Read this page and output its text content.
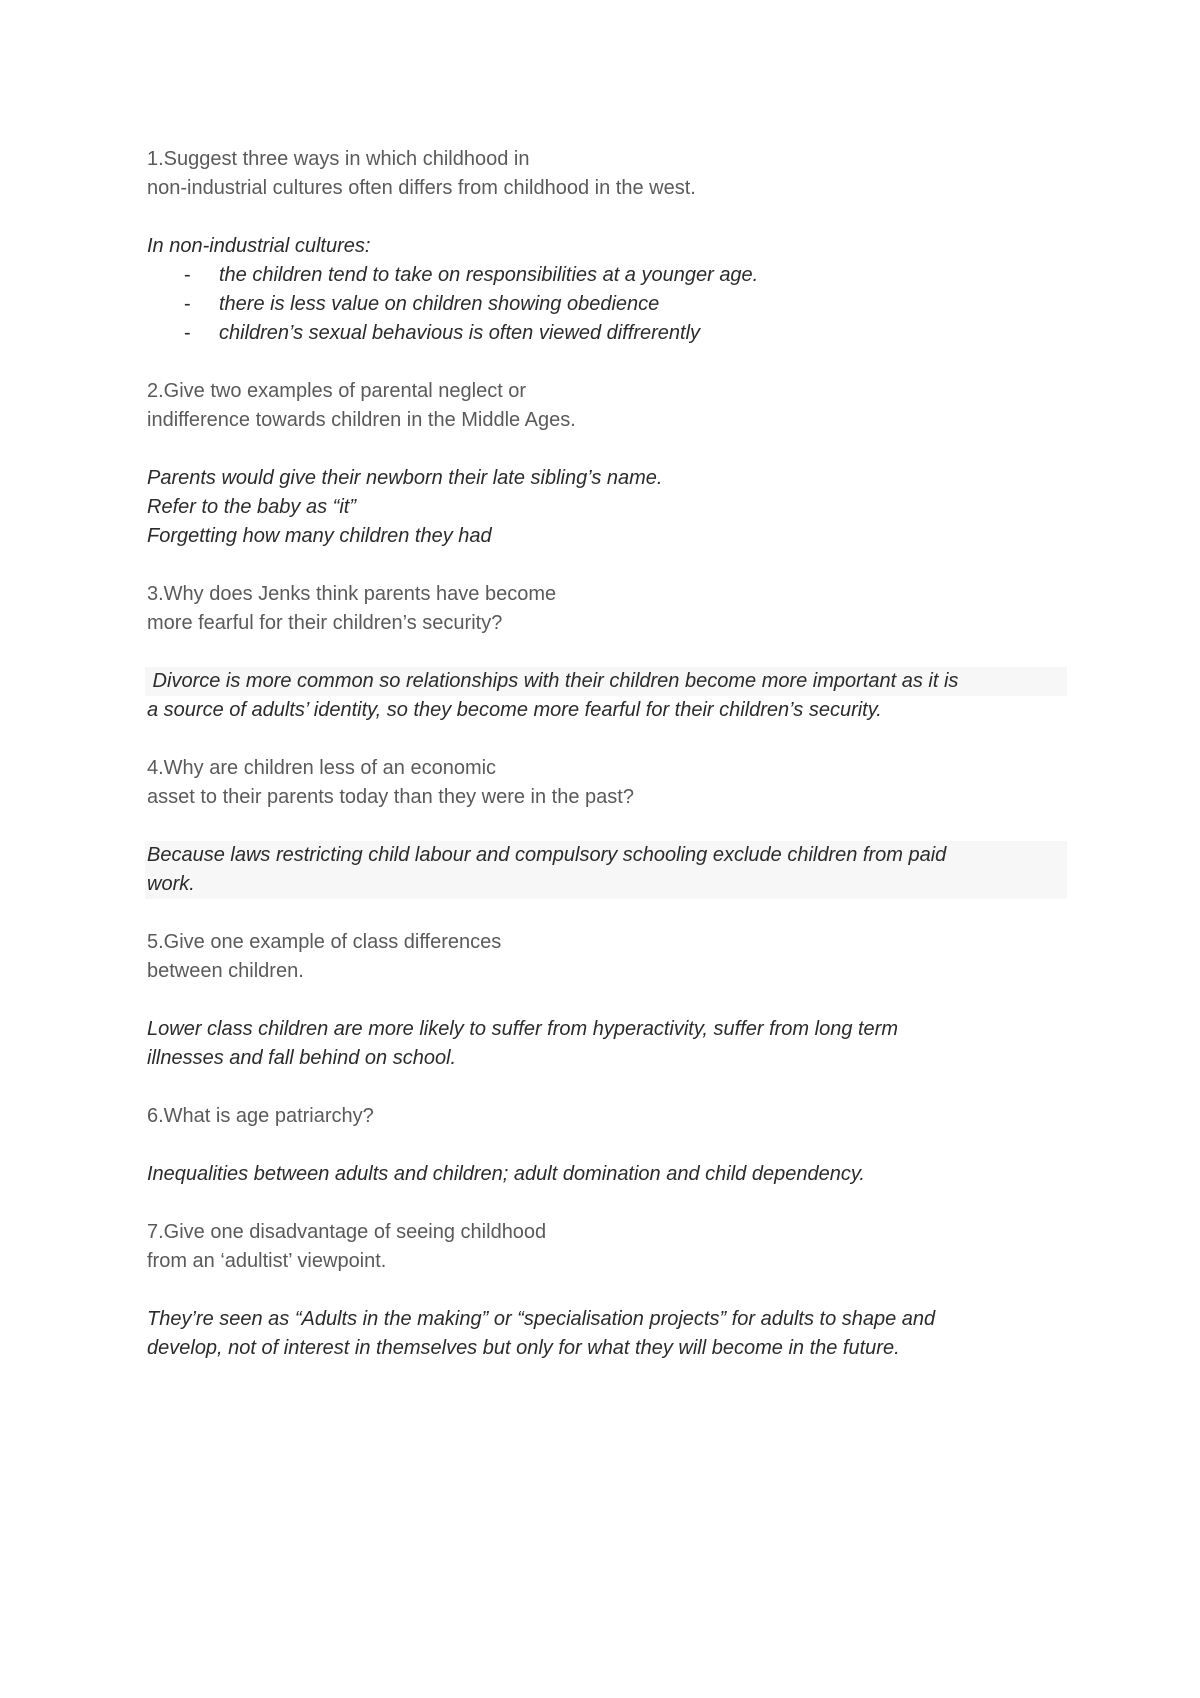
1.Suggest three ways in which childhood in
non-industrial cultures often differs from childhood in the west.
In non-industrial cultures:
-	the children tend to take on responsibilities at a younger age.
-	there is less value on children showing obedience
-	children’s sexual behavious is often viewed diffrerently
2.Give two examples of parental neglect or
indifference towards children in the Middle Ages.
Parents would give their newborn their late sibling’s name.
Refer to the baby as “it”
Forgetting how many children they had
3.Why does Jenks think parents have become
more fearful for their children’s security?
Divorce is more common so relationships with their children become more important as it is
a source of adults’ identity, so they become more fearful for their children’s security.
4.Why are children less of an economic
asset to their parents today than they were in the past?
Because laws restricting child labour and compulsory schooling exclude children from paid
work.
5.Give one example of class differences
between children.
Lower class children are more likely to suffer from hyperactivity, suffer from long term
illnesses and fall behind on school.
6.What is age patriarchy?
Inequalities between adults and children; adult domination and child dependency.
7.Give one disadvantage of seeing childhood
from an ‘adultist’ viewpoint.
They’re seen as “Adults in the making” or “specialisation projects” for adults to shape and
develop, not of interest in themselves but only for what they will become in the future.
